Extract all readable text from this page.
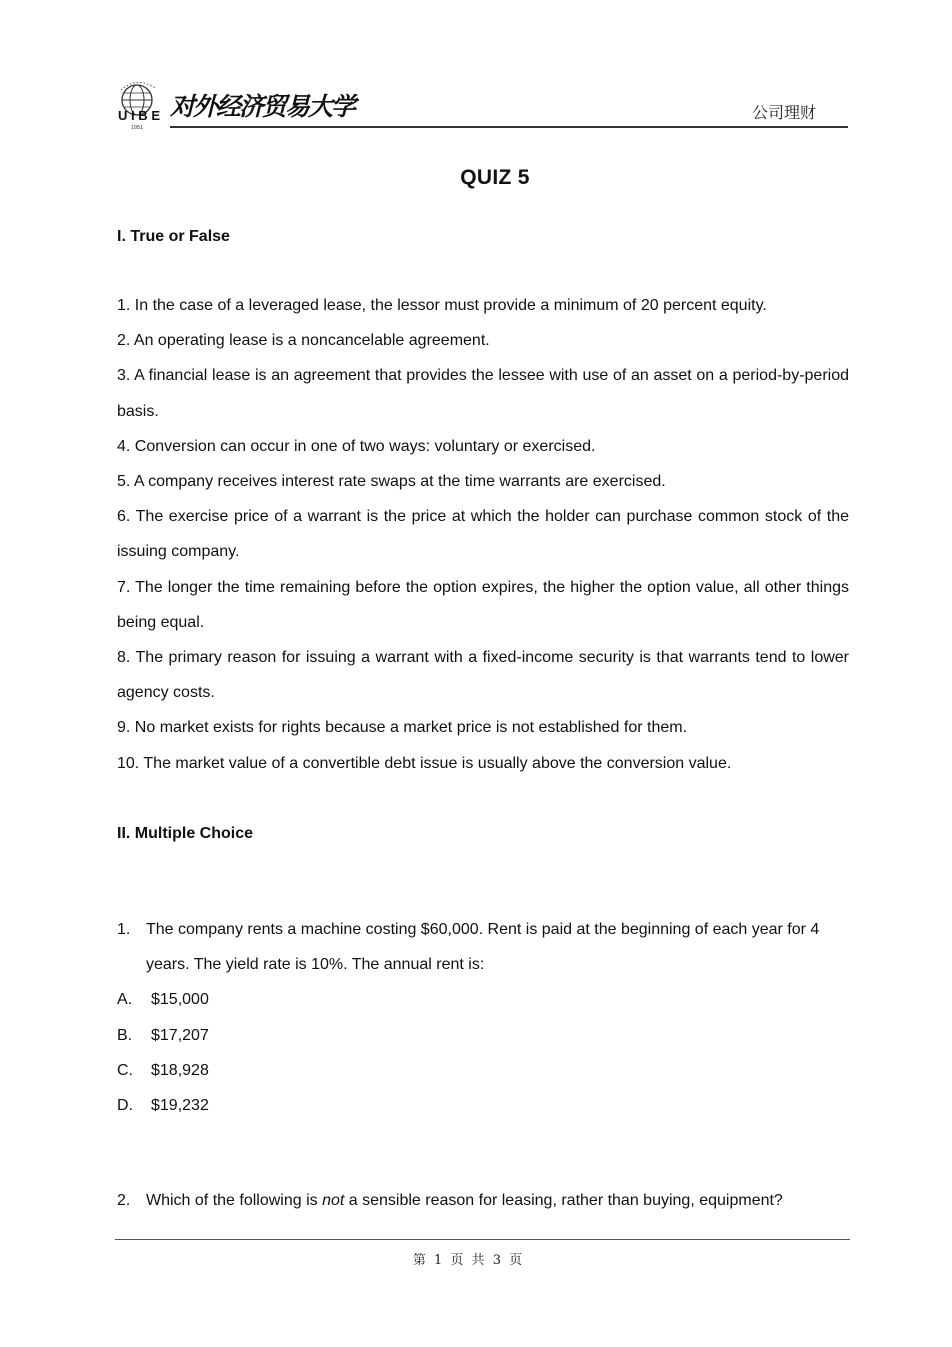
UIBE
1951
对外经济贸易大学	公司理财
QUIZ 5
I. True or False
1. In the case of a leveraged lease, the lessor must provide a minimum of 20 percent equity.
2. An operating lease is a noncancelable agreement.
3. A financial lease is an agreement that provides the lessee with use of an asset on a period-by-period basis.
4. Conversion can occur in one of two ways: voluntary or exercised.
5. A company receives interest rate swaps at the time warrants are exercised.
6. The exercise price of a warrant is the price at which the holder can purchase common stock of the issuing company.
7. The longer the time remaining before the option expires, the higher the option value, all other things being equal.
8. The primary reason for issuing a warrant with a fixed-income security is that warrants tend to lower agency costs.
9. No market exists for rights because a market price is not established for them.
10. The market value of a convertible debt issue is usually above the conversion value.
II. Multiple Choice
1. The company rents a machine costing $60,000. Rent is paid at the beginning of each year for 4 years. The yield rate is 10%. The annual rent is:
A.	$15,000
B.	$17,207
C.	$18,928
D.	$19,232
2. Which of the following is not a sensible reason for leasing, rather than buying, equipment?
第 1 页 共 3 页
